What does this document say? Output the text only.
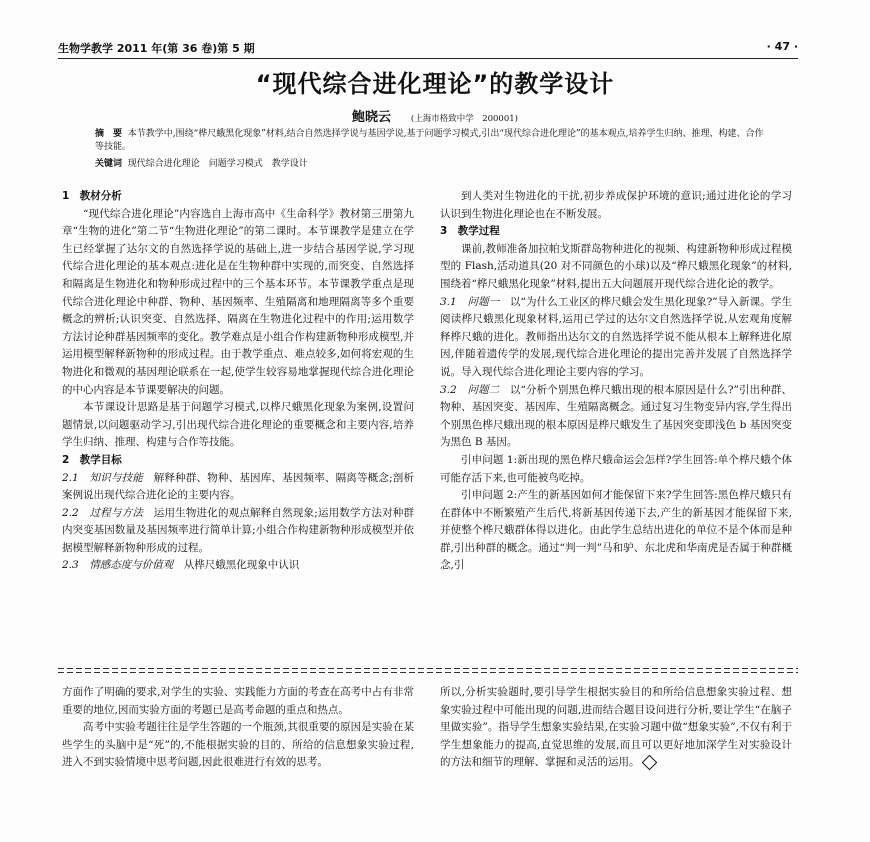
生物学教学 2011 年(第 36 卷)第 5 期	· 47 ·
“现代综合进化理论”的教学设计
鲍晓云 (上海市格致中学　200001)
摘　要 本节教学中,围绕“桦尺蛾黑化现象”材料,结合自然选择学说与基因学说,基于问题学习模式,引出“现代综合进化理论”的基本观点,培养学生归纳、推理、构建、合作等技能。
关键词 现代综合进化理论　问题学习模式　教学设计

1　教材分析

“现代综合进化理论”内容选自上海市高中《生命科学》教材第三册第九章“生物的进化”第二节“生物进化理论”的第二课时。本节课教学是建立在学生已经掌握了达尔文的自然选择学说的基础上,进一步结合基因学说,学习现代综合进化理论的基本观点:进化是在生物种群中实现的,而突变、自然选择和隔离是生物进化和物种形成过程中的三个基本环节。本节课教学重点是现代综合进化理论中种群、物种、基因频率、生殖隔离和地理隔离等多个重要概念的辨析;认识突变、自然选择、隔离在生物进化过程中的作用;运用数学方法讨论种群基因频率的变化。教学难点是小组合作构建新物种形成模型,并运用模型解释新物种的形成过程。由于教学重点、难点较多,如何将宏观的生物进化和微观的基因理论联系在一起,使学生较容易地掌握现代综合进化理论的中心内容是本节课要解决的问题。

本节课设计思路是基于问题学习模式,以桦尺蛾黑化现象为案例,设置问题情景,以问题驱动学习,引出现代综合进化理论的重要概念和主要内容,培养学生归纳、推理、构建与合作等技能。

2　教学目标

2.1　知识与技能　 解释种群、物种、基因库、基因频率、隔离等概念;剖析案例说出现代综合进化论的主要内容。

2.2　过程与方法　 运用生物进化的观点解释自然现象;运用数学方法对种群内突变基因数量及基因频率进行简单计算;小组合作构建新物种形成模型并依据模型解释新物种形成的过程。

2.3　情感态度与价值观　 从桦尺蛾黑化现象中认识

到人类对生物进化的干扰,初步养成保护环境的意识;通过进化论的学习认识到生物进化理论也在不断发展。

3　教学过程

课前,教师准备加拉帕戈斯群岛物种进化的视频、构建新物种形成过程模型的 Flash,活动道具(20 对不同颜色的小球)以及“桦尺蛾黑化现象”的材料,围绕着“桦尺蛾黑化现象”材料,提出五大问题展开现代综合进化论的教学。

3.1　问题一　 以“为什么工业区的桦尺蛾会发生黑化现象?”导入新课。学生阅读桦尺蛾黑化现象材料,运用已学过的达尔文自然选择学说,从宏观角度解释桦尺蛾的进化。教师指出达尔文的自然选择学说不能从根本上解释进化原因,伴随着遗传学的发展,现代综合进化理论的提出完善并发展了自然选择学说。导入现代综合进化理论主要内容的学习。

3.2　问题二　 以“分析个别黑色桦尺蛾出现的根本原因是什么?”引出种群、物种、基因突变、基因库、生殖隔离概念。通过复习生物变异内容,学生得出个别黑色桦尺蛾出现的根本原因是桦尺蛾发生了基因突变即浅色 b 基因突变为黑色 B 基因。

引申问题 1:新出现的黑色桦尺蛾命运会怎样?学生回答:单个桦尺蛾个体可能存活下来,也可能被鸟吃掉。

引申问题 2:产生的新基因如何才能保留下来?学生回答:黑色桦尺蛾只有在群体中不断繁殖产生后代,将新基因传递下去,产生的新基因才能保留下来,并使整个桦尺蛾群体得以进化。由此学生总结出进化的单位不是个体而是种群,引出种群的概念。通过“判一判”马和驴、东北虎和华南虎是否属于种群概念,引

方面作了明确的要求,对学生的实验、实践能力方面的考查在高考中占有非常重要的地位,因而实验方面的考题已是高考命题的重点和热点。

高考中实验考题往往是学生答题的一个瓶颈,其很重要的原因是实验在某些学生的头脑中是“死”的,不能根据实验的目的、所给的信息想象实验过程,进入不到实验情境中思考问题,因此很难进行有效的思考。

所以,分析实验题时,要引导学生根据实验目的和所给信息想象实验过程、想象实验过程中可能出现的问题,进而结合题目设问进行分析,要让学生“在脑子里做实验”。指导学生想象实验结果,在实验习题中做“想象实验”,不仅有利于学生想象能力的提高,直觉思维的发展,而且可以更好地加深学生对实验设计的方法和细节的理解、掌握和灵活的运用。
